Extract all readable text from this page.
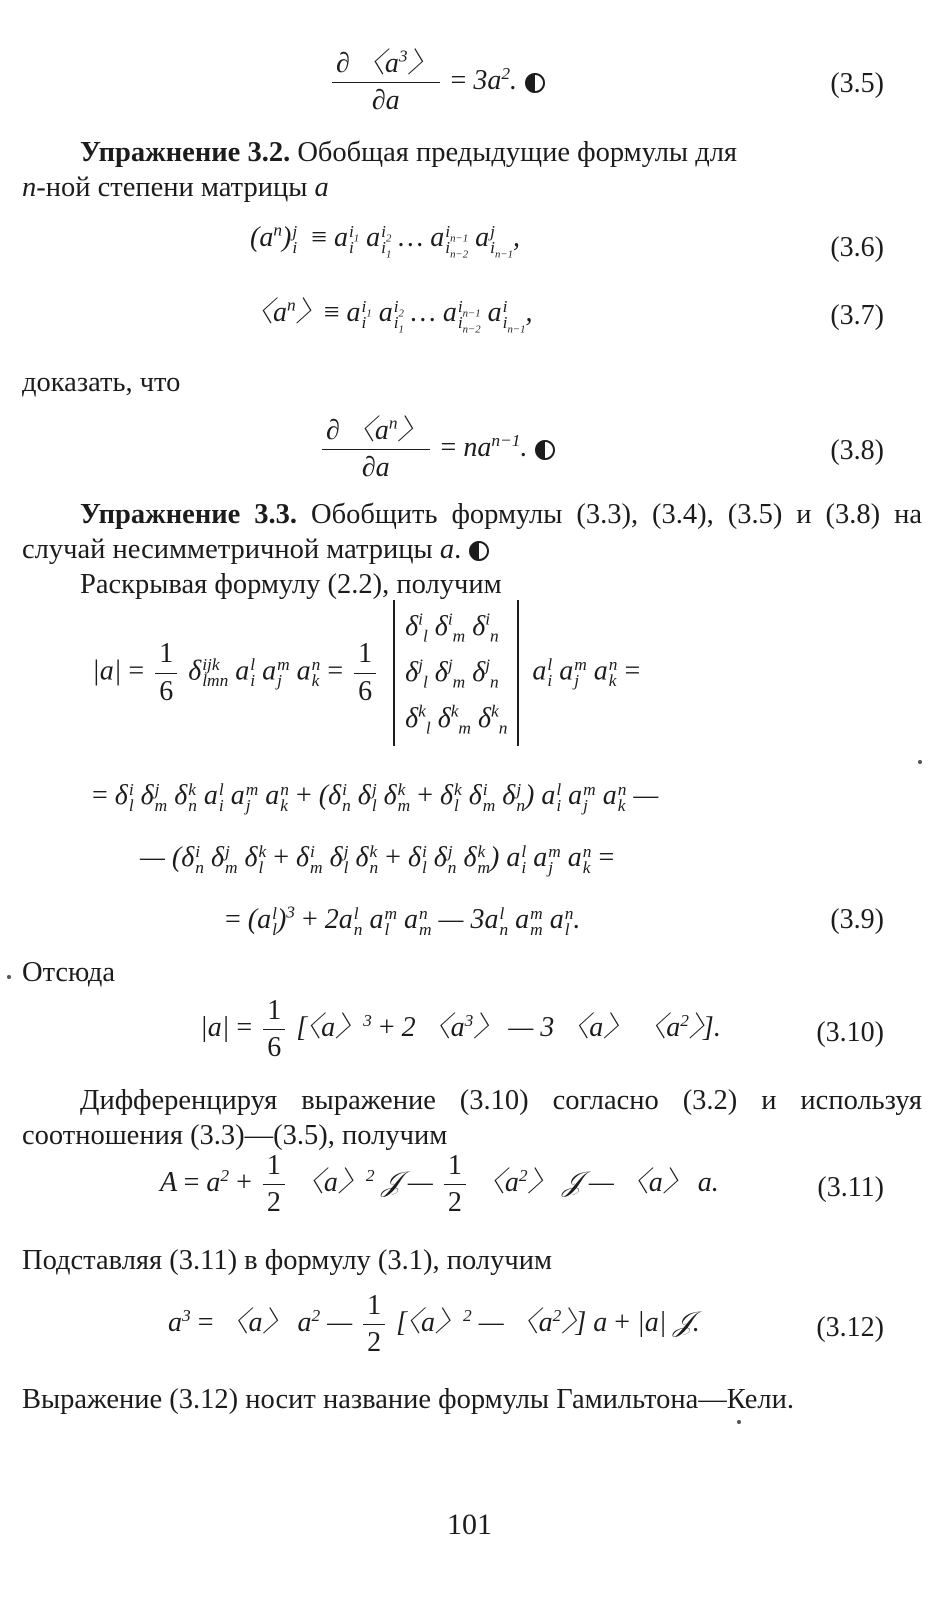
$\frac{\partial 〈a^3〉}{\partial a} = 3a^2$.	(3.5)

Упражнение 3.2. Обобщая предыдущие формулы для
n-ной степени матрицы a

$(a^n)$ j
i ≡ a $i_1$
i a $i_2$
$i_1$
… a $i_{n-1}$
$i_{n-2}$
a j
$i_{n-1}$
,	(3.6)
〈$a^n$〉≡ a $i_1$
i a $i_2$
$i_1$
… a $i_{n-1}$
$i_{n-2}$
a i
$i_{n-1}$
,	(3.7)

доказать, что

$\frac{\partial 〈a^n〉}{\partial a} = na^{n-1}$.	(3.8)

Упражнение 3.3. Обобщить формулы (3.3), (3.4), (3.5) и (3.8) на случай несимметричной матрицы a.

Раскрывая формулу (2.2), получим

$|a| = \frac{1}{6}$ δ ijk
lmn a l
i a m
j a n
$k = \frac{1}{6}$

$\delta^i_l$ $\delta^i_m$ $\delta^i_n$
$\delta^j_l$ $\delta^j_m$ $\delta^j_n$
$\delta^k_l$ $\delta^k_m$ $\delta^k_n$
a l
i a m
j a n
k =
= δ i
l δ j
m δ k
n a l
i a m
j a n
k + (δ i
n δ j
l δ k
m + δ k
l δ i
m δ j
n ) a l
i a m
j a n
k —
— (δ i
n δ j
m δ k
l + δ i
m δ j
l δ k
n + δ i
l δ j
n δ k
m ) a l
i a m
j a n
k =
= (a l
l )$^3$ + 2a l
n a m
l a n
m — 3a l
n a m
m a n
l .	(3.9)

Отсюда

$|a| = \frac{1}{6}$ [〈a〉$^3$ + 2 〈$a^3$〉 — 3 〈a〉 〈$a^2$〉].	(3.10)

Дифференцируя выражение (3.10) согласно (3.2) и используя соотношения (3.3)—(3.5), получим

$A = a^2 + \frac{1}{2}$ 〈a〉$^2$ 𝒥 — $\frac{1}{2}$ 〈$a^2$〉 𝒥 — 〈a〉 a.	(3.11)

Подставляя (3.11) в формулу (3.1), получим

$a^3$ = 〈a〉 $a^2$ — $\frac{1}{2}$ [〈a〉$^2$ — 〈$a^2$〉] a + |a| 𝒥.	(3.12)

Выражение (3.12) носит название формулы Гамильтона—Кели.

101
